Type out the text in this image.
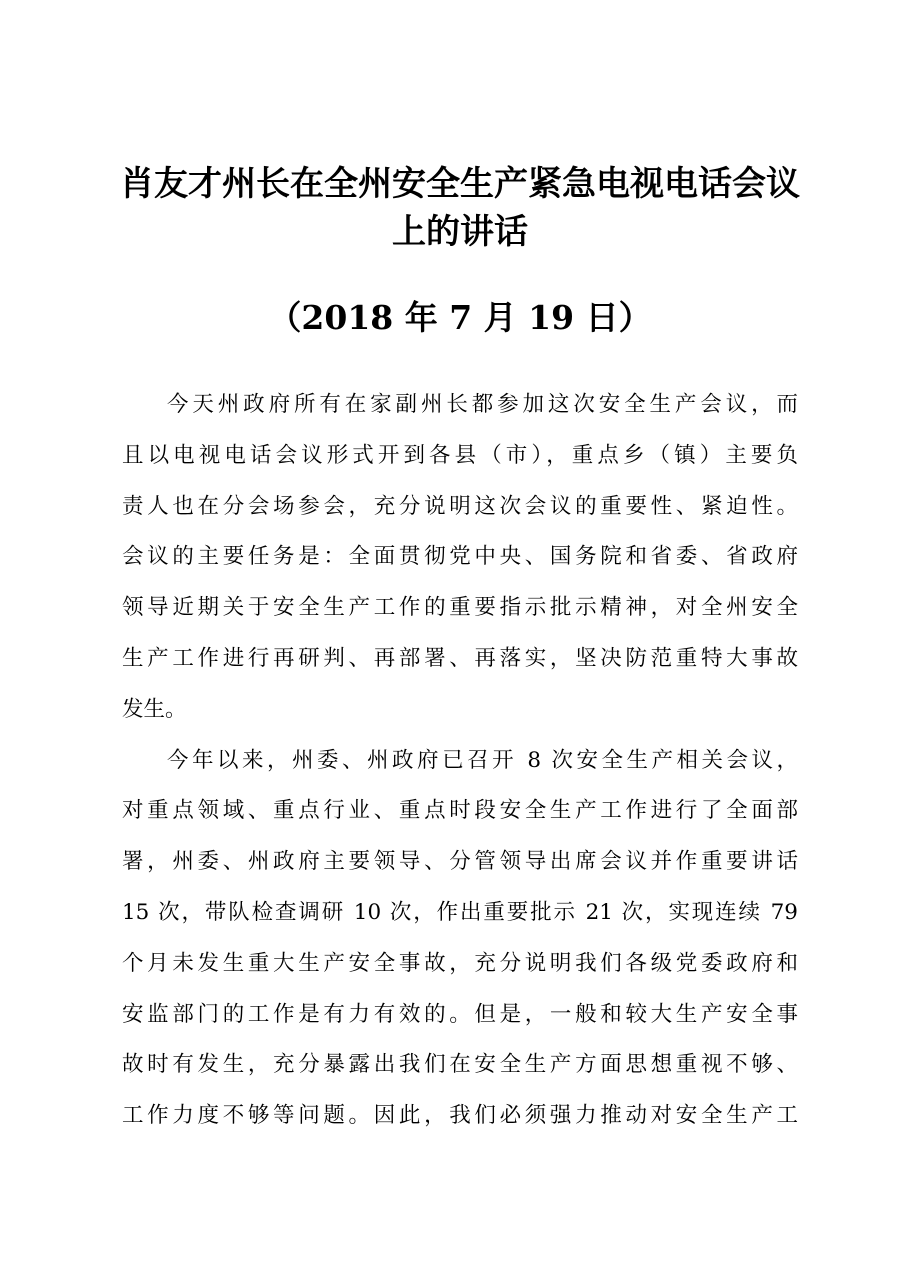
肖友才州长在全州安全生产紧急电视电话会议
上的讲话
（2018 年 7 月 19 日）
今天州政府所有在家副州长都参加这次安全生产会议，而
且以电视电话会议形式开到各县（市），重点乡（镇）主要负
责人也在分会场参会，充分说明这次会议的重要性、紧迫性。
会议的主要任务是：全面贯彻党中央、国务院和省委、省政府
领导近期关于安全生产工作的重要指示批示精神，对全州安全
生产工作进行再研判、再部署、再落实，坚决防范重特大事故
发生。
今年以来，州委、州政府已召开 8 次安全生产相关会议，
对重点领域、重点行业、重点时段安全生产工作进行了全面部
署，州委、州政府主要领导、分管领导出席会议并作重要讲话
15 次，带队检查调研 10 次，作出重要批示 21 次，实现连续 79
个月未发生重大生产安全事故，充分说明我们各级党委政府和
安监部门的工作是有力有效的。但是，一般和较大生产安全事
故时有发生，充分暴露出我们在安全生产方面思想重视不够、
工作力度不够等问题。因此，我们必须强力推动对安全生产工
